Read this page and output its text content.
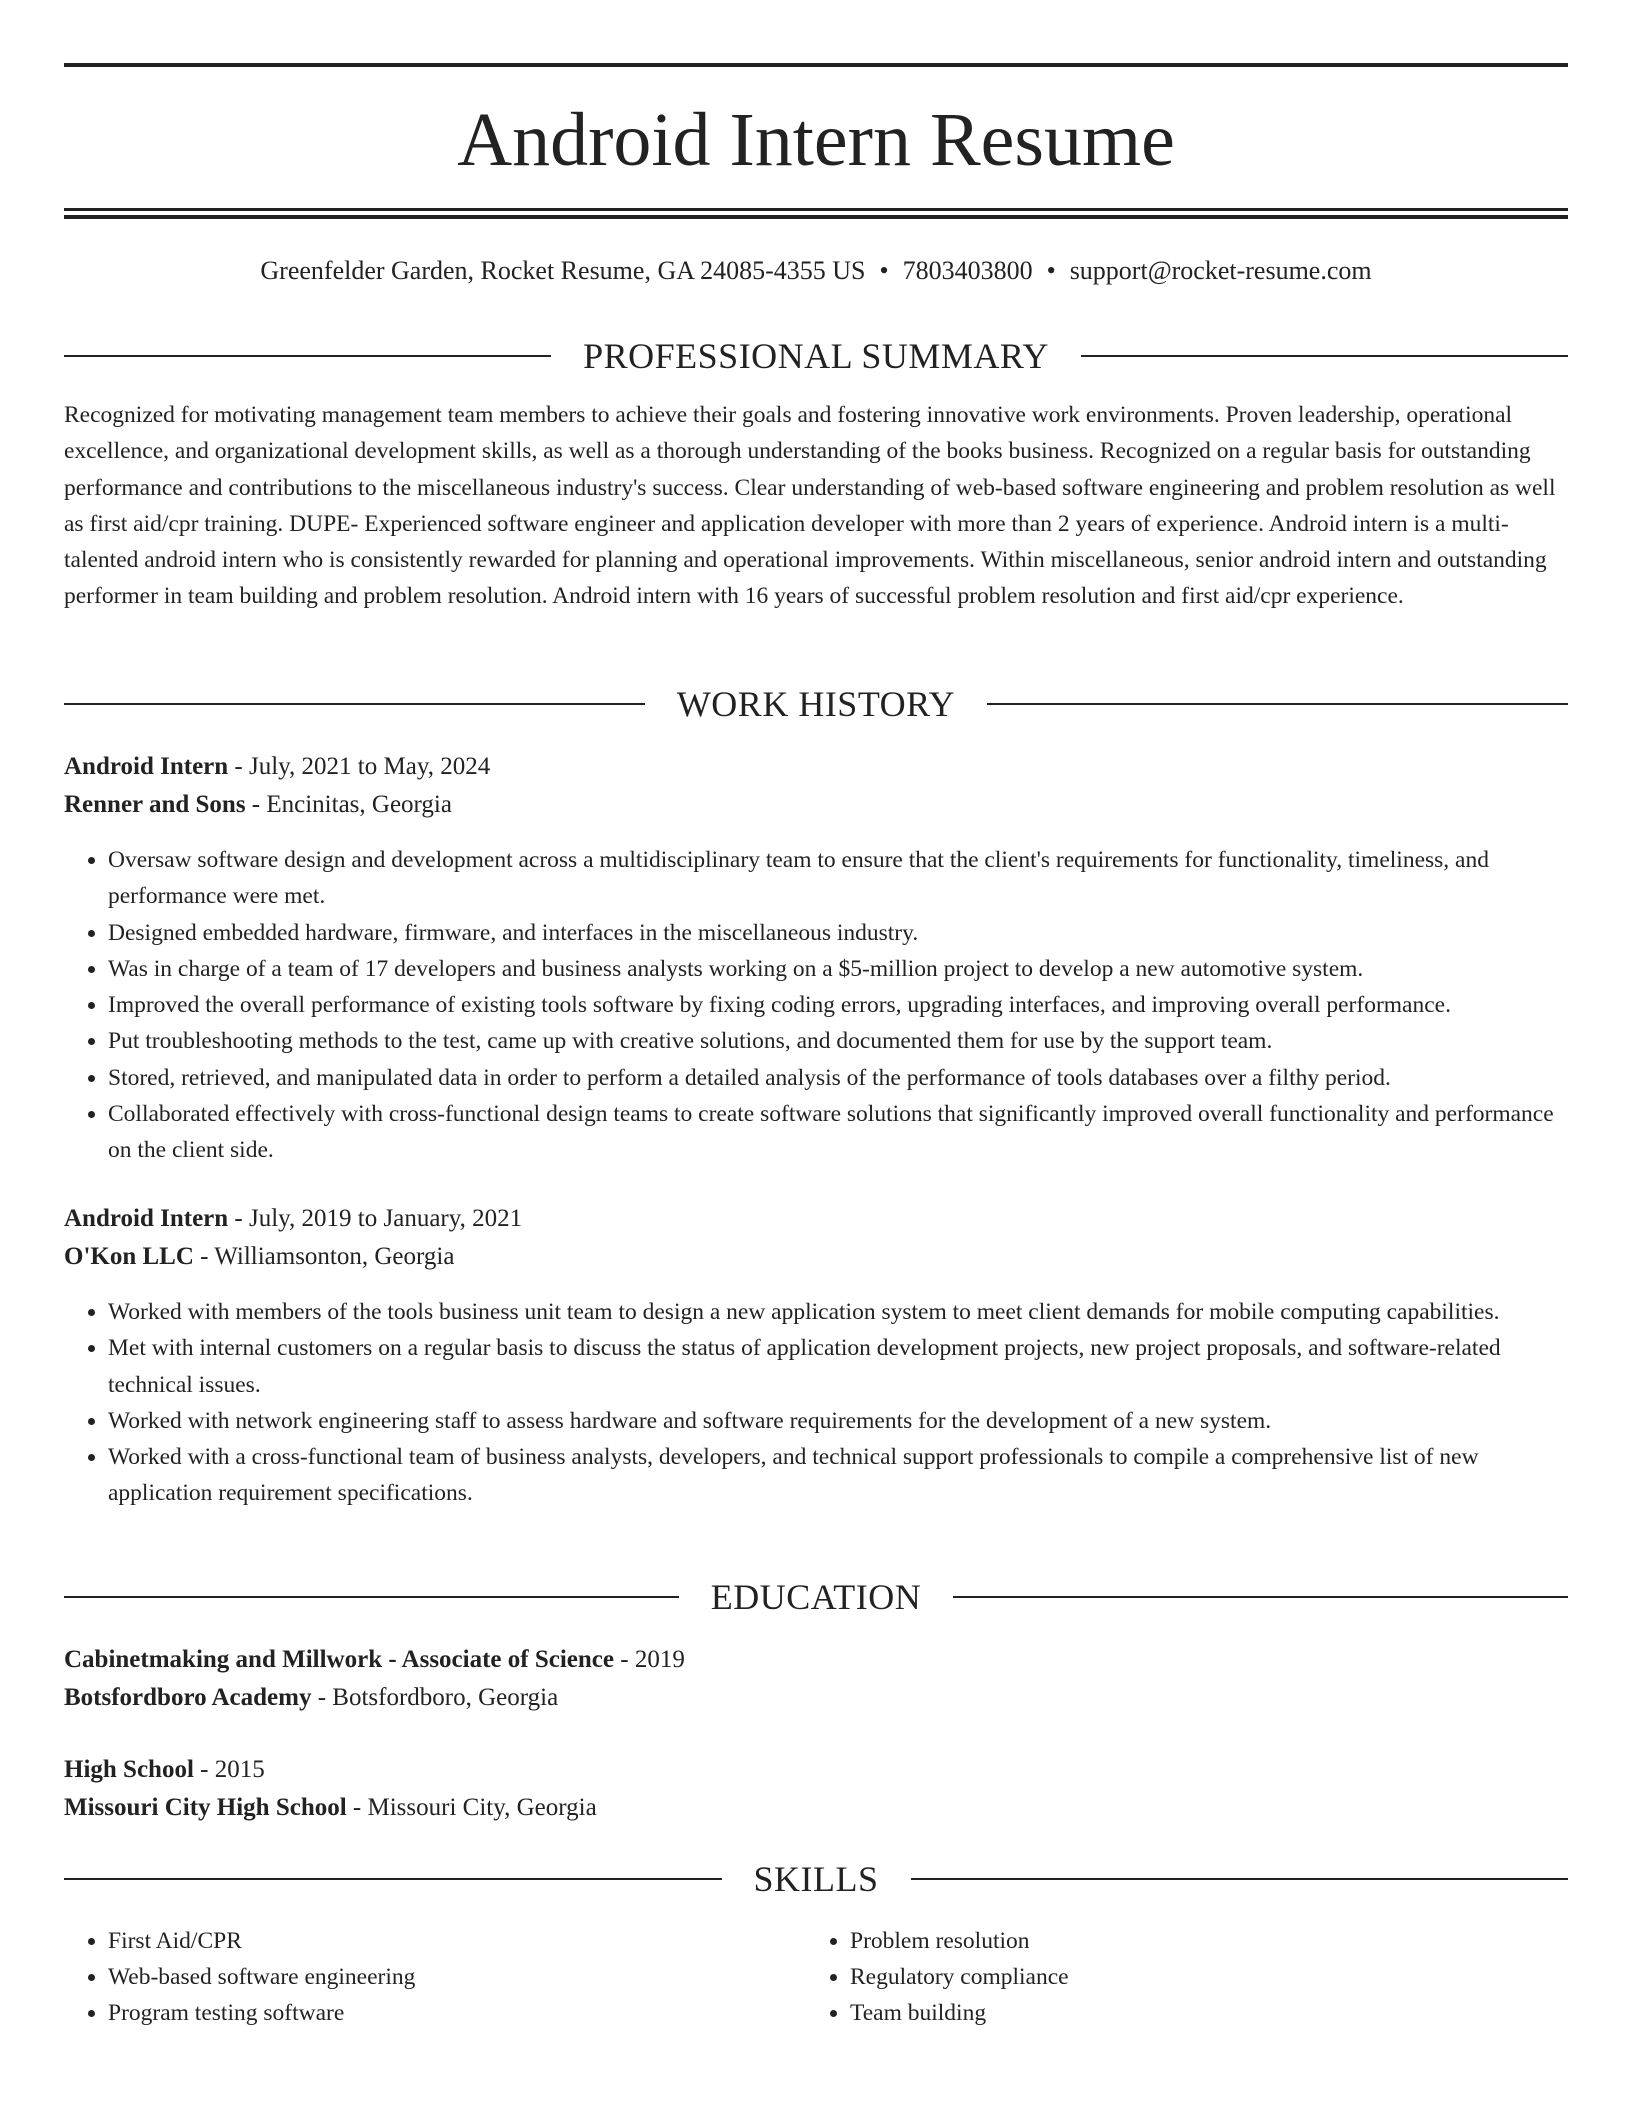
Android Intern Resume
Greenfelder Garden, Rocket Resume, GA 24085-4355 US • 7803403800 • support@rocket-resume.com
PROFESSIONAL SUMMARY

Recognized for motivating management team members to achieve their goals and fostering innovative work environments. Proven leadership, operational excellence, and organizational development skills, as well as a thorough understanding of the books business. Recognized on a regular basis for outstanding performance and contributions to the miscellaneous industry's success. Clear understanding of web-based software engineering and problem resolution as well as first aid/cpr training. DUPE- Experienced software engineer and application developer with more than 2 years of experience. Android intern is a multi-talented android intern who is consistently rewarded for planning and operational improvements. Within miscellaneous, senior android intern and outstanding performer in team building and problem resolution. Android intern with 16 years of successful problem resolution and first aid/cpr experience.

WORK HISTORY
Android Intern - July, 2021 to May, 2024
Renner and Sons - Encinitas, Georgia
• Oversaw software design and development across a multidisciplinary team to ensure that the client's requirements for functionality, timeliness, and performance were met.
• Designed embedded hardware, firmware, and interfaces in the miscellaneous industry.
• Was in charge of a team of 17 developers and business analysts working on a $5-million project to develop a new automotive system.
• Improved the overall performance of existing tools software by fixing coding errors, upgrading interfaces, and improving overall performance.
• Put troubleshooting methods to the test, came up with creative solutions, and documented them for use by the support team.
• Stored, retrieved, and manipulated data in order to perform a detailed analysis of the performance of tools databases over a filthy period.
• Collaborated effectively with cross-functional design teams to create software solutions that significantly improved overall functionality and performance on the client side.
Android Intern - July, 2019 to January, 2021
O'Kon LLC - Williamsonton, Georgia
• Worked with members of the tools business unit team to design a new application system to meet client demands for mobile computing capabilities.
• Met with internal customers on a regular basis to discuss the status of application development projects, new project proposals, and software-related technical issues.
• Worked with network engineering staff to assess hardware and software requirements for the development of a new system.
• Worked with a cross-functional team of business analysts, developers, and technical support professionals to compile a comprehensive list of new application requirement specifications.
EDUCATION
Cabinetmaking and Millwork - Associate of Science - 2019
Botsfordboro Academy - Botsfordboro, Georgia
High School - 2015
Missouri City High School - Missouri City, Georgia
SKILLS
• First Aid/CPR
• Web-based software engineering
• Program testing software
• Problem resolution
• Regulatory compliance
• Team building
